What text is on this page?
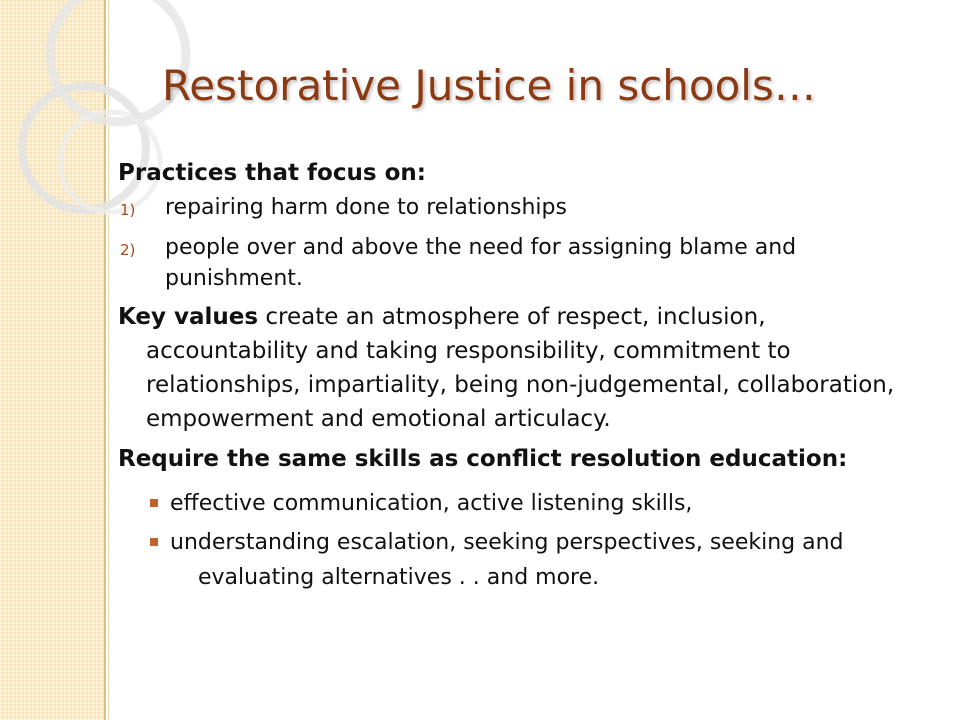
Restorative Justice in schools…

Practices that focus on:

1)	repairing harm done to relationships
2)	people over and above the need for assigning blame and punishment.

Key values create an atmosphere of respect, inclusion, accountability and taking responsibility, commitment to relationships, impartiality, being non-judgemental, collaboration, empowerment and emotional articulacy.

Require the same skills as conflict resolution education:

effective communication, active listening skills,
understanding escalation, seeking perspectives, seeking and evaluating alternatives . . and more.
